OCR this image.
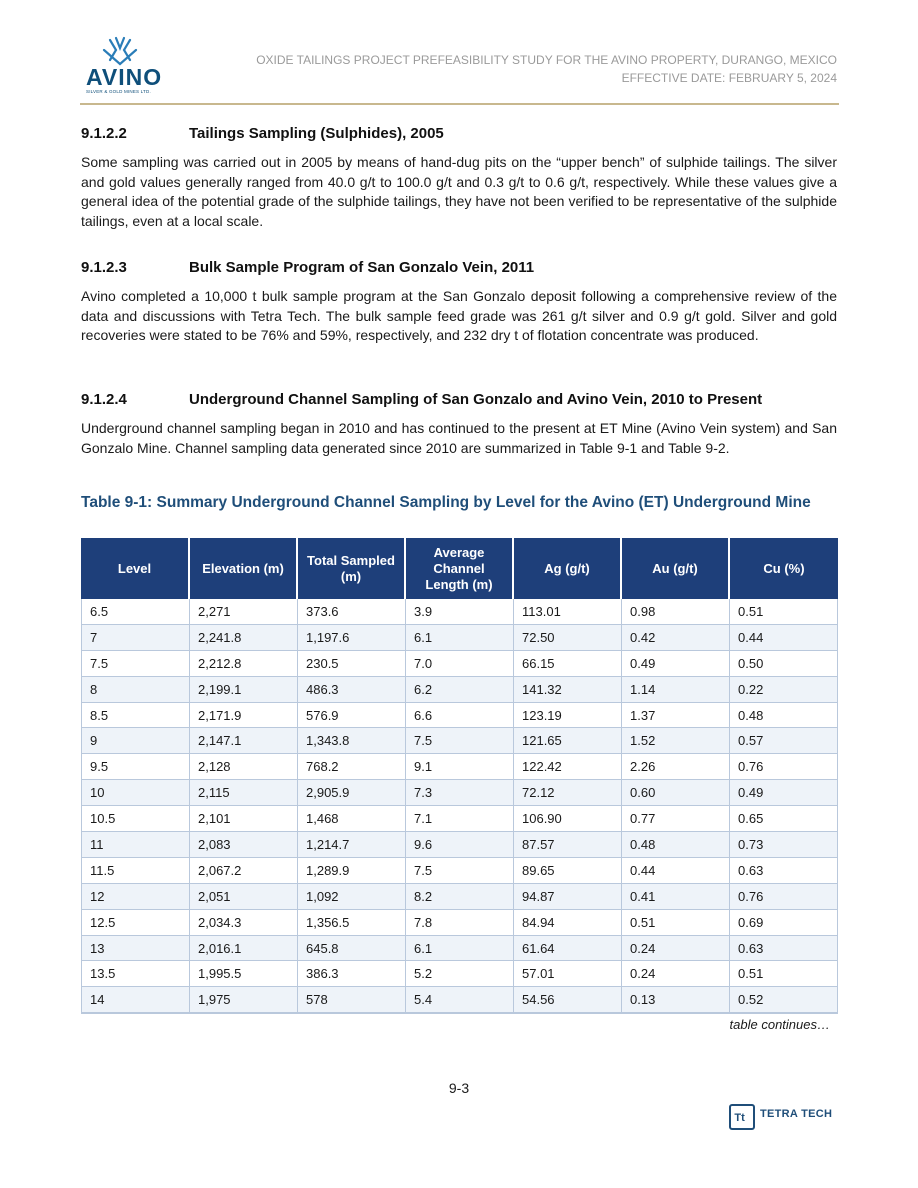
AVINO
SILVER & GOLD MINES LTD.
OXIDE TAILINGS PROJECT PREFEASIBILITY STUDY FOR THE AVINO PROPERTY, DURANGO, MEXICO
EFFECTIVE DATE: FEBRUARY 5, 2024
9.1.2.2	Tailings Sampling (Sulphides), 2005
Some sampling was carried out in 2005 by means of hand-dug pits on the “upper bench” of sulphide tailings. The silver and gold values generally ranged from 40.0 g/t to 100.0 g/t and 0.3 g/t to 0.6 g/t, respectively. While these values give a general idea of the potential grade of the sulphide tailings, they have not been verified to be representative of the sulphide tailings, even at a local scale.
9.1.2.3	Bulk Sample Program of San Gonzalo Vein, 2011
Avino completed a 10,000 t bulk sample program at the San Gonzalo deposit following a comprehensive review of the data and discussions with Tetra Tech. The bulk sample feed grade was 261 g/t silver and 0.9 g/t gold. Silver and gold recoveries were stated to be 76% and 59%, respectively, and 232 dry t of flotation concentrate was produced.
9.1.2.4	Underground Channel Sampling of San Gonzalo and Avino Vein, 2010 to Present
Underground channel sampling began in 2010 and has continued to the present at ET Mine (Avino Vein system) and San Gonzalo Mine. Channel sampling data generated since 2010 are summarized in Table 9-1 and Table 9-2.
Table 9-1: Summary Underground Channel Sampling by Level for the Avino (ET) Underground Mine
Level	Elevation (m)	Total Sampled (m)	Average Channel Length (m)	Ag (g/t)	Au (g/t)	Cu (%)
6.5	2,271	373.6	3.9	113.01	0.98	0.51
7	2,241.8	1,197.6	6.1	72.50	0.42	0.44
7.5	2,212.8	230.5	7.0	66.15	0.49	0.50
8	2,199.1	486.3	6.2	141.32	1.14	0.22
8.5	2,171.9	576.9	6.6	123.19	1.37	0.48
9	2,147.1	1,343.8	7.5	121.65	1.52	0.57
9.5	2,128	768.2	9.1	122.42	2.26	0.76
10	2,115	2,905.9	7.3	72.12	0.60	0.49
10.5	2,101	1,468	7.1	106.90	0.77	0.65
11	2,083	1,214.7	9.6	87.57	0.48	0.73
11.5	2,067.2	1,289.9	7.5	89.65	0.44	0.63
12	2,051	1,092	8.2	94.87	0.41	0.76
12.5	2,034.3	1,356.5	7.8	84.94	0.51	0.69
13	2,016.1	645.8	6.1	61.64	0.24	0.63
13.5	1,995.5	386.3	5.2	57.01	0.24	0.51
14	1,975	578	5.4	54.56	0.13	0.52
table continues…
9-3
Tt TETRA TECH
